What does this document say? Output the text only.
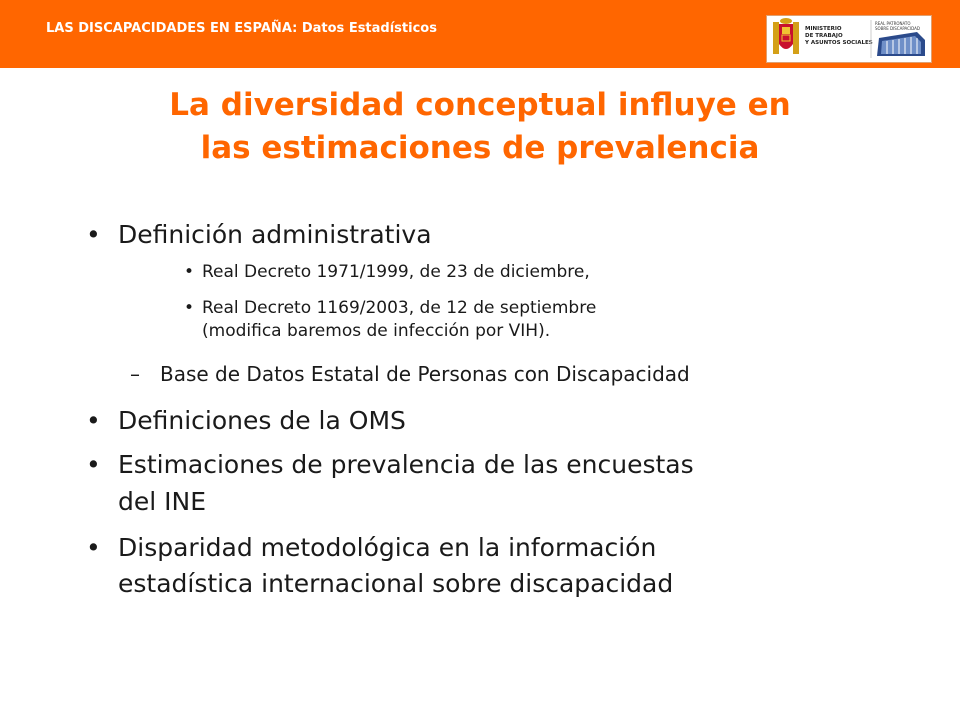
LAS DISCAPACIDADES EN ESPAÑA: Datos Estadísticos	MINISTERIO
DE TRABAJO
Y ASUNTOS SOCIALES
REAL PATRONATO
SOBRE DISCAPACIDAD
La diversidad conceptual influye en
las estimaciones de prevalencia
• Definición administrativa
• Real Decreto 1971/1999, de 23 de diciembre,
• Real Decreto 1169/2003, de 12 de septiembre
(modifica baremos de infección por VIH).
– Base de Datos Estatal de Personas con Discapacidad
• Definiciones de la OMS
• Estimaciones de prevalencia de las encuestas
del INE
• Disparidad metodológica en la información
estadística internacional sobre discapacidad
